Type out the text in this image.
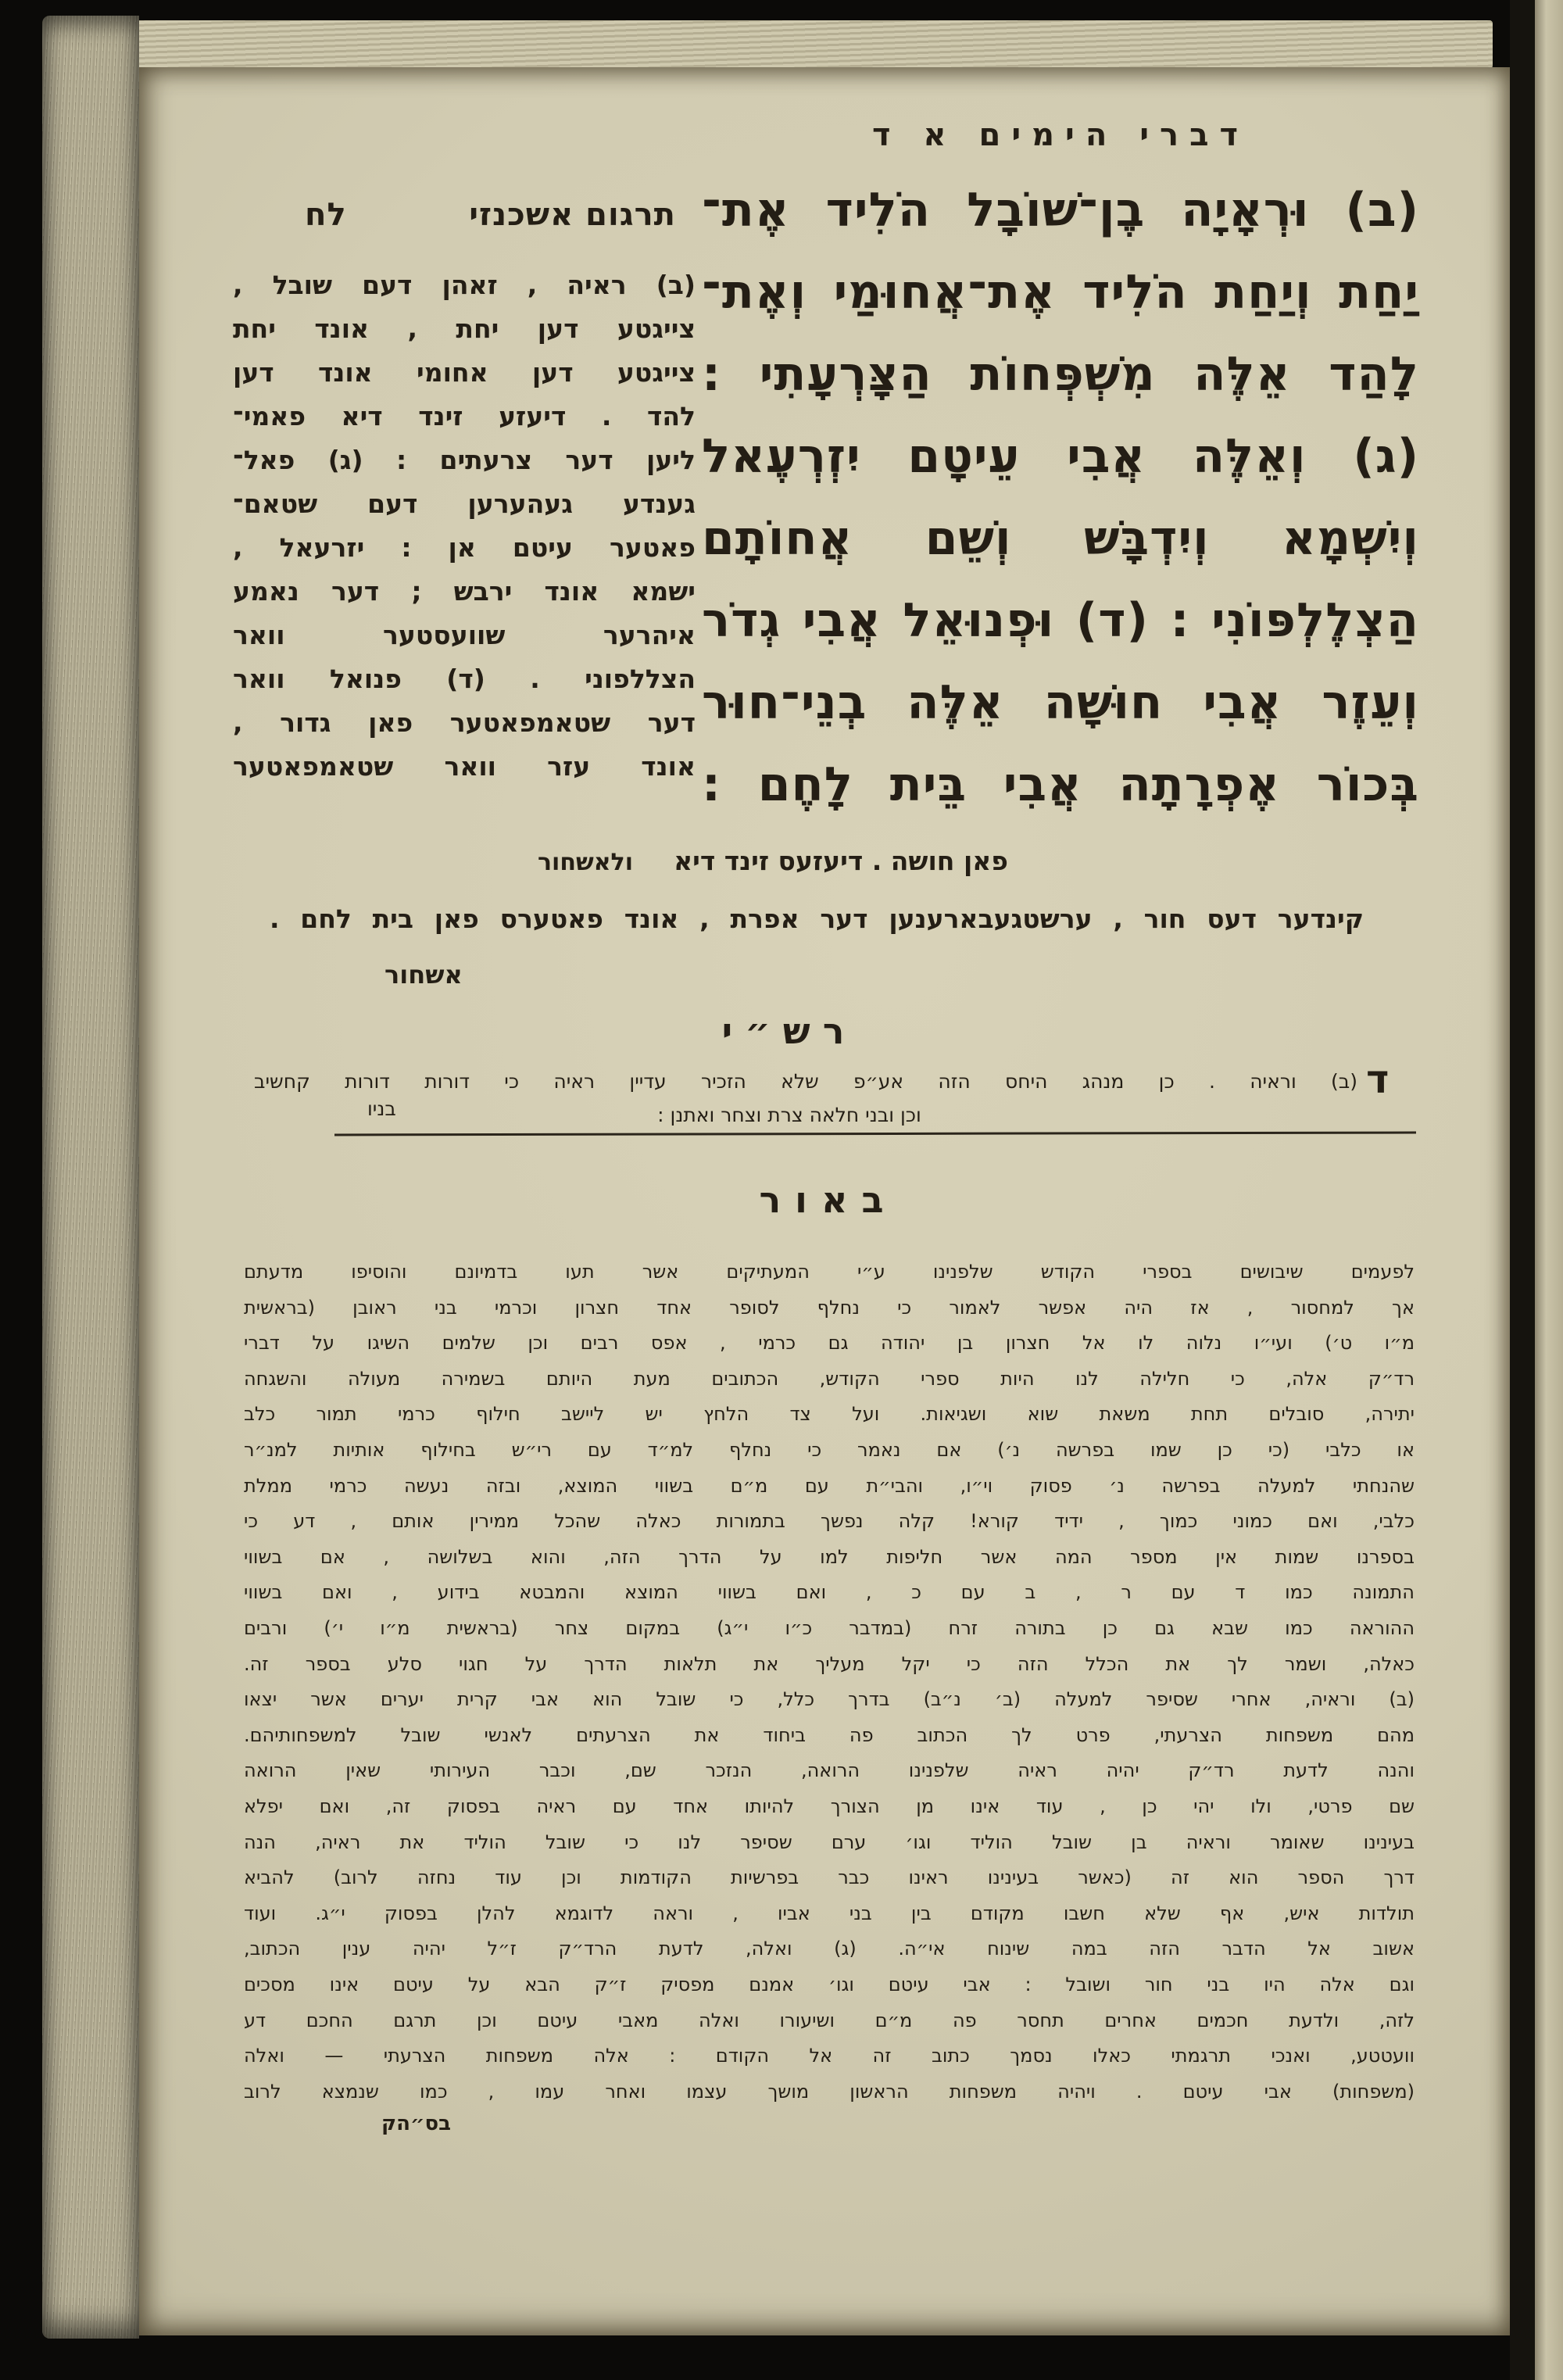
תרגום אשכנזי
לח
(ב) ראיה , זאהן דעם שובל ,
צייגטע דען יחת , אונד יחת
צייגטע דען אחומי אונד דען
להד . דיעזע זינד דיא פאמי־
ליען דער צרעתים : (ג) פאל־
גענדע געהערען דעם שטאם־
פאטער עיטם אן : יזרעאל ,
ישמא אונד ירבש ; דער נאמע
איהרער שוועסטער וואר
הצללפוני . (ד) פנואל וואר
דער שטאמפאטער פאן גדור ,
אונד עזר וואר שטאמפאטער
דברי הימים א ד
(ב) וּרְאָיָה בֶן־שׁוֹבָל הֹלִיד אֶת־
יַחַת וְיַחַת הֹלִיד אֶת־אֲחוּמַי וְאֶת־
לָהַד אֵלֶּה מִשְׁפְּחוֹת הַצָּרְעָתִי :
(ג) וְאֵלֶּה אֲבִי עֵיטָם יִזְרְעֶאל
וְיִשְׁמָא וְיִדְבָּשׁ וְשֵׁם אֲחוֹתָם
הַצְלֶלְפּוֹנִי : (ד) וּפְנוּאֵל אֲבִי גְדֹר
וְעֵזֶר אֲבִי חוּשָׁה אֵלֶּה בְנֵי־חוּר
בְּכוֹר אֶפְרָתָה אֲבִי בֵּית לָחֶם :
ולאשחור	פאן חושה . דיעזעס זינד דיא
קינדער דעס חור , ערשטגעבארענען דער אפרת , אונד פאטערס פאן בית לחם .
אשחור
רש״י
ד
(ב) וראיה . כן מנהג היחס הזה אע״פ שלא הזכיר עדיין ראיה כי דורות דורות קחשיב
וכן ובני חלאה צרת וצחר ואתנן :
בניו
באור
לפעמים שיבושים בספרי הקודש שלפנינו ע״י המעתיקים אשר תעו בדמיונם והוסיפו מדעתם
אך למחסור , אז היה אפשר לאמור כי נחלף לסופר אחד חצרון וכרמי בני ראובן (בראשית
מ״ו ט׳) ועי״ו נלוה לו אל חצרון בן יהודה גם כרמי , אפס רבים וכן שלמים השיגו על דברי
רד״ק אלה, כי חלילה לנו היות ספרי הקודש, הכתובים מעת היותם בשמירה מעולה והשגחה
יתירה, סובלים תחת משאת שוא ושגיאות. ועל צד הלחץ יש ליישב חילוף כרמי תמור כלב
או כלבי (כי כן שמו בפרשה נ׳) אם נאמר כי נחלף למ״ד עם רי״ש בחילוף אותיות למנ״ר
שהנחתי למעלה בפרשה נ׳ פסוק וי״ו, והבי״ת עם מ״ם בשווי המוצא, ובזה נעשה כרמי ממלת
כלבי, ואם כמוני כמוך , ידיד קורא! קלה נפשך בתמורות כאלה שהכל ממירין אותם , דע כי
בספרנו שמות אין מספר המה אשר חליפות למו על הדרך הזה, והוא בשלושה , אם בשווי
התמונה כמו ד עם ר , ב עם כ , ואם בשווי המוצא והמבטא בידוע , ואם בשווי
ההוראה כמו שבא גם כן בתורה זרח (במדבר כ״ו י״ג) במקום צחר (בראשית מ״ו י׳) ורבים
כאלה, ושמר לך את הכלל הזה כי יקל מעליך את תלאות הדרך על חגוי סלע בספר זה.
(ב) וראיה, אחרי שסיפר למעלה (ב׳ נ״ב) בדרך כלל, כי שובל הוא אבי קרית יערים אשר יצאו
מהם משפחות הצרעתי, פרט לך הכתוב פה ביחוד את הצרעתים לאנשי שובל למשפחותיהם.
והנה לדעת רד״ק יהיה ראיה שלפנינו הרואה, הנזכר שם, וכבר העירותי שאין הרואה
שם פרטי, ולו יהי כן , עוד אינו מן הצורך להיותו אחד עם ראיה בפסוק זה, ואם יפלא
בעינינו שאומר וראיה בן שובל הוליד וגו׳ ערם שסיפר לנו כי שובל הוליד את ראיה, הנה
דרך הספר הוא זה (כאשר בעינינו ראינו כבר בפרשיות הקודמות וכן עוד נחזה לרוב) להביא
תולדות איש, אף שלא חשבו מקודם בין בני אביו , וראה לדוגמא להלן בפסוק י״ג. ועוד
אשוב אל הדבר הזה במה שינוח אי״ה. (ג) ואלה, לדעת הרד״ק ז״ל יהיה ענין הכתוב,
וגם אלה היו בני חור ושובל : אבי עיטם וגו׳ אמנם מפסיק ז״ק הבא על עיטם אינו מסכים
לזה, ולדעת חכמים אחרים תחסר פה מ״ם ושיעורו ואלה מאבי עיטם וכן תרגם החכם דע
וועטטע, ואנכי תרגמתי כאלו נסמך כתוב זה אל הקודם : אלה משפחות הצרעתי — ואלה
(משפחות) אבי עיטם . ויהיה משפחות הראשון מושך עצמו ואחר עמו , כמו שנמצא לרוב
בס״הק
